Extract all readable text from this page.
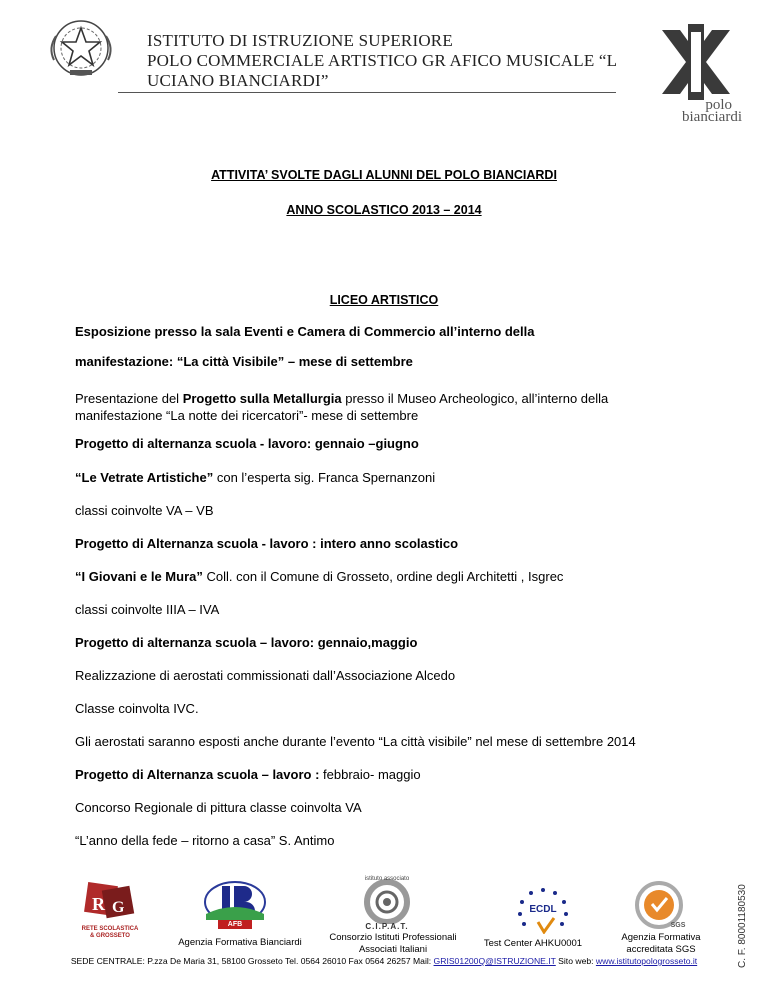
ISTITUTO DI ISTRUZIONE SUPERIORE
POLO COMMERCIALE ARTISTICO GR AFICO MUSICALE “L
UCIANO BIANCIARDI”
polo
bianciardi
ATTIVITA’ SVOLTE DAGLI ALUNNI DEL POLO BIANCIARDI
ANNO SCOLASTICO 2013 – 2014
LICEO ARTISTICO
Esposizione presso la sala Eventi e Camera di Commercio all’interno della
manifestazione: “La città Visibile” – mese di settembre
Presentazione del Progetto sulla Metallurgia presso il Museo Archeologico, all’interno della
manifestazione “La notte dei ricercatori”- mese di settembre
Progetto di alternanza scuola - lavoro: gennaio –giugno
“Le Vetrate Artistiche” con l’esperta sig. Franca Spernanzoni
classi coinvolte VA – VB
Progetto di Alternanza scuola - lavoro : intero anno scolastico
“I Giovani e le Mura” Coll. con il Comune di Grosseto, ordine degli Architetti , Isgrec
classi coinvolte IIIA – IVA
Progetto di alternanza scuola – lavoro: gennaio,maggio
Realizzazione di aerostati commissionati dall’Associazione Alcedo
Classe coinvolta IVC.
Gli aerostati saranno esposti anche durante l’evento “La città visibile” nel mese di settembre 2014
Progetto di Alternanza scuola – lavoro : febbraio- maggio
Concorso Regionale di pittura classe coinvolta VA
“L’anno della fede – ritorno a casa” S. Antimo
R G
RETE SCOLASTICA
& GROSSETO
AFB
istituto associato
C.I.P.A.T.
ECDL
SGS
Agenzia Formativa Bianciardi	Consorzio Istituti Professionali
Associati Italiani
Test Center AHKU0001
Agenzia Formativa
accreditata SGS
SEDE CENTRALE: P.zza De Maria 31, 58100 Grosseto Tel. 0564 26010 Fax 0564 26257 Mail: GRIS01200Q@ISTRUZIONE.IT Sito web: www.istitutopologrosseto.it	C. F. 80001180530
